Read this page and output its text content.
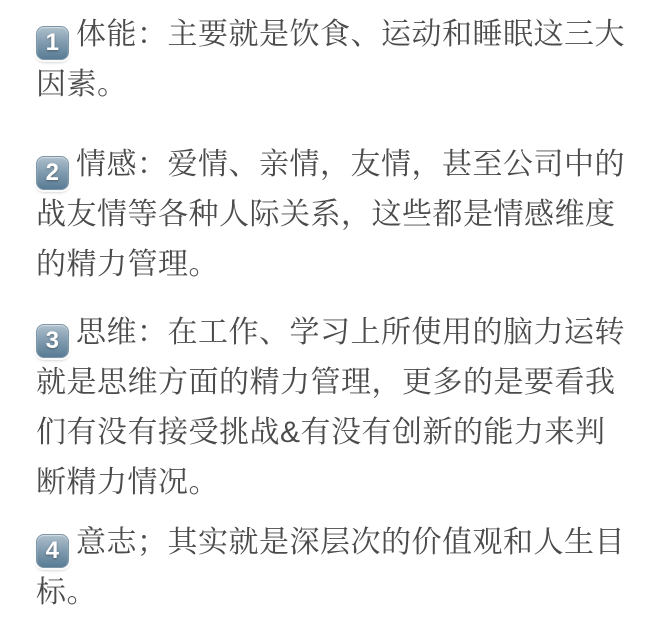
1 体能：主要就是饮食、运动和睡眠这三大因素。

2 情感：爱情、亲情，友情，甚至公司中的战友情等各种人际关系，这些都是情感维度的精力管理。

3 思维：在工作、学习上所使用的脑力运转就是思维方面的精力管理，更多的是要看我们有没有接受挑战&有没有创新的能力来判断精力情况。

4 意志；其实就是深层次的价值观和人生目标。
